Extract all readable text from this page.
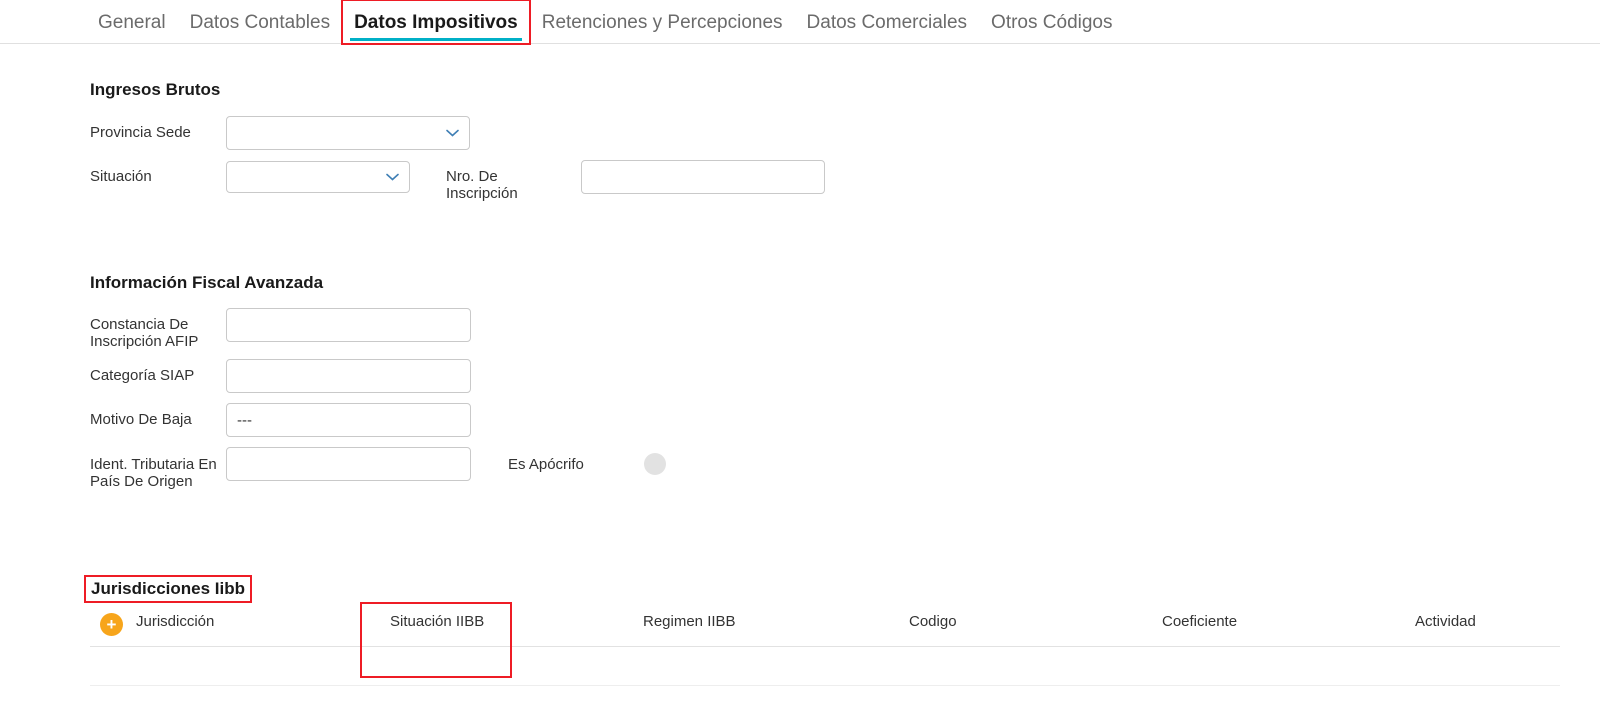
General	Datos Contables	Datos Impositivos	Retenciones y Percepciones	Datos Comerciales	Otros Códigos
Ingresos Brutos
Provincia Sede
Situación	Nro. De Inscripción
Información Fiscal Avanzada
Constancia De Inscripción AFIP
Categoría SIAP
Motivo De Baja	---
Ident. Tributaria En País De Origen
Es Apócrifo
Jurisdicciones Iibb
+	Jurisdicción	Situación IIBB	Regimen IIBB	Codigo	Coeficiente	Actividad
